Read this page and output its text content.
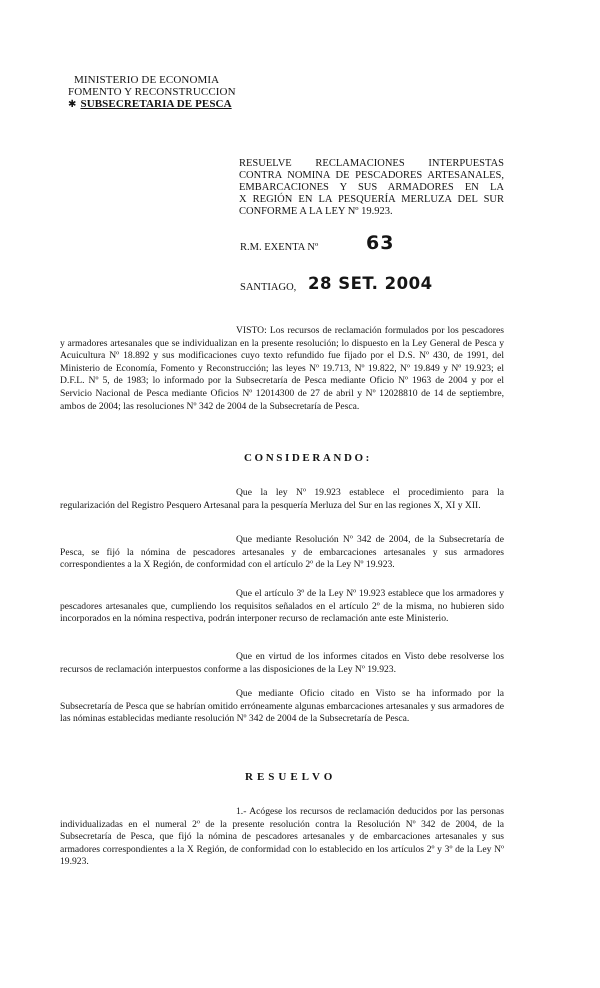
MINISTERIO DE ECONOMIA
FOMENTO Y RECONSTRUCCION
✱ SUBSECRETARIA DE PESCA
RESUELVE RECLAMACIONES INTERPUESTAS
CONTRA NOMINA DE PESCADORES ARTESANALES,
EMBARCACIONES Y SUS ARMADORES EN LA
X REGIÓN EN LA PESQUERÍA MERLUZA DEL SUR
CONFORME A LA LEY Nº 19.923.
R.M. EXENTA Nº	63
SANTIAGO, 28 SET. 2004
VISTO: Los recursos de reclamación formulados por los pescadores y armadores artesanales que se individualizan en la presente resolución; lo dispuesto en la Ley General de Pesca y Acuicultura Nº 18.892 y sus modificaciones cuyo texto refundido fue fijado por el D.S. Nº 430, de 1991, del Ministerio de Economía, Fomento y Reconstrucción; las leyes Nº 19.713, Nº 19.822, Nº 19.849 y Nº 19.923; el D.F.L. Nº 5, de 1983; lo informado por la Subsecretaría de Pesca mediante Oficio Nº 1963 de 2004 y por el Servicio Nacional de Pesca mediante Oficios Nº 12014300 de 27 de abril y Nº 12028810 de 14 de septiembre, ambos de 2004; las resoluciones Nº 342 de 2004 de la Subsecretaría de Pesca.
CONSIDERANDO:
Que la ley Nº 19.923 establece el procedimiento para la regularización del Registro Pesquero Artesanal para la pesquería Merluza del Sur en las regiones X, XI y XII.
Que mediante Resolución Nº 342 de 2004, de la Subsecretaría de Pesca, se fijó la nómina de pescadores artesanales y de embarcaciones artesanales y sus armadores correspondientes a la X Región, de conformidad con el artículo 2º de la Ley Nº 19.923.
Que el artículo 3º de la Ley Nº 19.923 establece que los armadores y pescadores artesanales que, cumpliendo los requisitos señalados en el artículo 2º de la misma, no hubieren sido incorporados en la nómina respectiva, podrán interponer recurso de reclamación ante este Ministerio.
Que en virtud de los informes citados en Visto debe resolverse los recursos de reclamación interpuestos conforme a las disposiciones de la Ley Nº 19.923.
Que mediante Oficio citado en Visto se ha informado por la Subsecretaría de Pesca que se habrían omitido erróneamente algunas embarcaciones artesanales y sus armadores de las nóminas establecidas mediante resolución Nº 342 de 2004 de la Subsecretaría de Pesca.
RESUELVO
1.- Acógese los recursos de reclamación deducidos por las personas individualizadas en el numeral 2º de la presente resolución contra la Resolución Nº 342 de 2004, de la Subsecretaría de Pesca, que fijó la nómina de pescadores artesanales y de embarcaciones artesanales y sus armadores correspondientes a la X Región, de conformidad con lo establecido en los artículos 2º y 3º de la Ley Nº 19.923.
